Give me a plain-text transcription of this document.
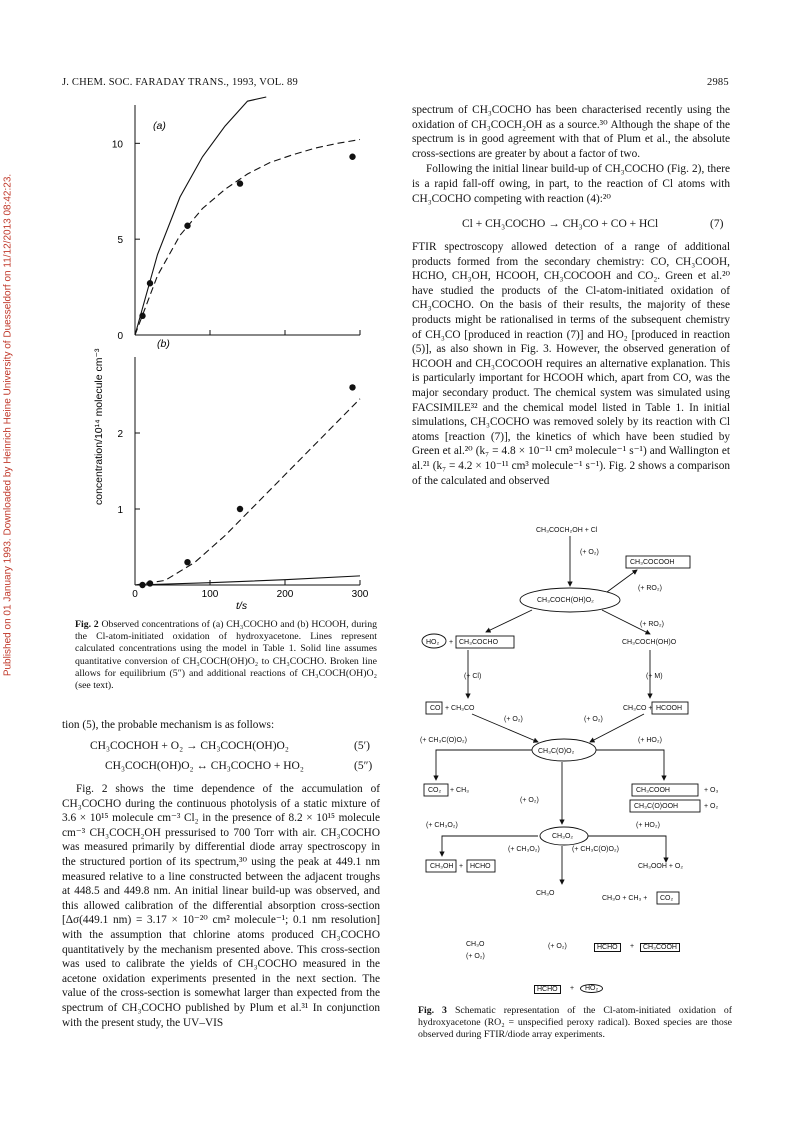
J. CHEM. SOC. FARADAY TRANS., 1993, VOL. 89	2985
Published on 01 January 1993. Downloaded by Heinrich Heine University of Duesseldorf on 11/12/2013 08:42:23.	0
5
10
1
2
0	100	200	300
concentration/10¹⁴ molecule cm⁻³
(a)
(b)
t/s
Fig. 2 Observed concentrations of (a) CH₃COCHO and (b) HCOOH, during the Cl-atom-initiated oxidation of hydroxyacetone. Lines represent calculated concentrations using the model in Table 1. Solid line assumes quantitative conversion of CH₃COCH(OH)O₂ to CH₃COCHO. Broken line allows for equilibrium (5″) and additional reactions of CH₃COCH(OH)O₂ (see text).

tion (5), the probable mechanism is as follows:

CH₃COCHOH + O₂ → CH₃COCH(OH)O₂	(5′)
CH₃COCH(OH)O₂ ↔ CH₃COCHO + HO₂	(5″)

Fig. 2 shows the time dependence of the accumulation of CH₃COCHO during the continuous photolysis of a static mixture of 3.6 × 10¹⁵ molecule cm⁻³ Cl₂ in the presence of 8.2 × 10¹⁵ molecule cm⁻³ CH₃COCH₂OH pressurised to 700 Torr with air. CH₃COCHO was measured primarily by differential diode array spectroscopy in the structured portion of its spectrum,³⁰ using the peak at 449.1 nm measured relative to a line constructed between the adjacent troughs at 448.5 and 449.8 nm. An initial linear build-up was observed, and this allowed calibration of the differential absorption cross-section [Δσ(449.1 nm) = 3.17 × 10⁻²⁰ cm² molecule⁻¹; 0.1 nm resolution] with the assumption that chlorine atoms produced CH₃COCHO quantitatively by the mechanism presented above. This cross-section was used to calibrate the yields of CH₃COCHO measured in the acetone oxidation experiments presented in the next section. The value of the cross-section is somewhat larger than expected from the spectrum of CH₃COCHO published by Plum et al.³¹ In conjunction with the present study, the UV–VIS

spectrum of CH₃COCHO has been characterised recently using the oxidation of CH₃COCH₂OH as a source.³⁰ Although the shape of the spectrum is in good agreement with that of Plum et al., the absolute cross-sections are greater by about a factor of two.

Following the initial linear build-up of CH₃COCHO (Fig. 2), there is a rapid fall-off owing, in part, to the reaction of Cl atoms with CH₃COCHO competing with reaction (4):²⁰

Cl + CH₃COCHO → CH₃CO + CO + HCl	(7)

FTIR spectroscopy allowed detection of a range of additional products formed from the secondary chemistry: CO, CH₃COOH, HCHO, CH₃OH, HCOOH, CH₃COCOOH and CO₂. Green et al.²⁰ have studied the products of the Cl-atom-initiated oxidation of CH₃COCHO. On the basis of their results, the majority of these products might be rationalised in terms of the subsequent chemistry of CH₃CO [produced in reaction (7)] and HO₂ [produced in reaction (5)], as also shown in Fig. 3. However, the observed generation of HCOOH and CH₃COCOOH requires an alternative explanation. This is particularly important for HCOOH which, apart from CO, was the major secondary product. The chemical system was simulated using FACSIMILE³² and the chemical model listed in Table 1. In initial simulations, CH₃COCHO was removed solely by its reaction with Cl atoms [reaction (7)], the kinetics of which have been studied by Green et al.²⁰ (k₇ = 4.8 × 10⁻¹¹ cm³ molecule⁻¹ s⁻¹) and Wallington et al.²¹ (k₇ = 4.2 × 10⁻¹¹ cm³ molecule⁻¹ s⁻¹). Fig. 2 shows a comparison of the calculated and observed

CH₃COCH₂OH + Cl
(+ O₂)
CH₃COCOOH
(+ RO₂)
CH₃COCH(OH)O₂
(+ RO₂)
HO₂ + CH₃COCHO	CH₃COCH(OH)O
(+ Cl)	(+ M)
CO + CH₃CO	CH₃CO + HCOOH
(+ O₂)	(+ O₂)
(+ CH₃C(O)O₂)	(+ HO₂)
CH₃C(O)O₂
CO₂ + CH₃	CH₃COOH	+ O₃
(+ O₂)
CH₃C(O)OOH	+ O₂
(+ CH₃O₂)	(+ HO₂)
CH₃O₂
(+ CH₃O₂)	(+ CH₃C(O)O₂)
CH₃OH + HCHO	CH₃OOH + O₂
CH₃O + CH₃ + CO₂
CH₃O
CH₃O
(+ O₂)
(+ O₂)	HCHO	+	CH₃COOH
HCHO	+	HO₂
Fig. 3 Schematic representation of the Cl-atom-initiated oxidation of hydroxyacetone (RO₂ = unspecified peroxy radical). Boxed species are those observed during FTIR/diode array experiments.
